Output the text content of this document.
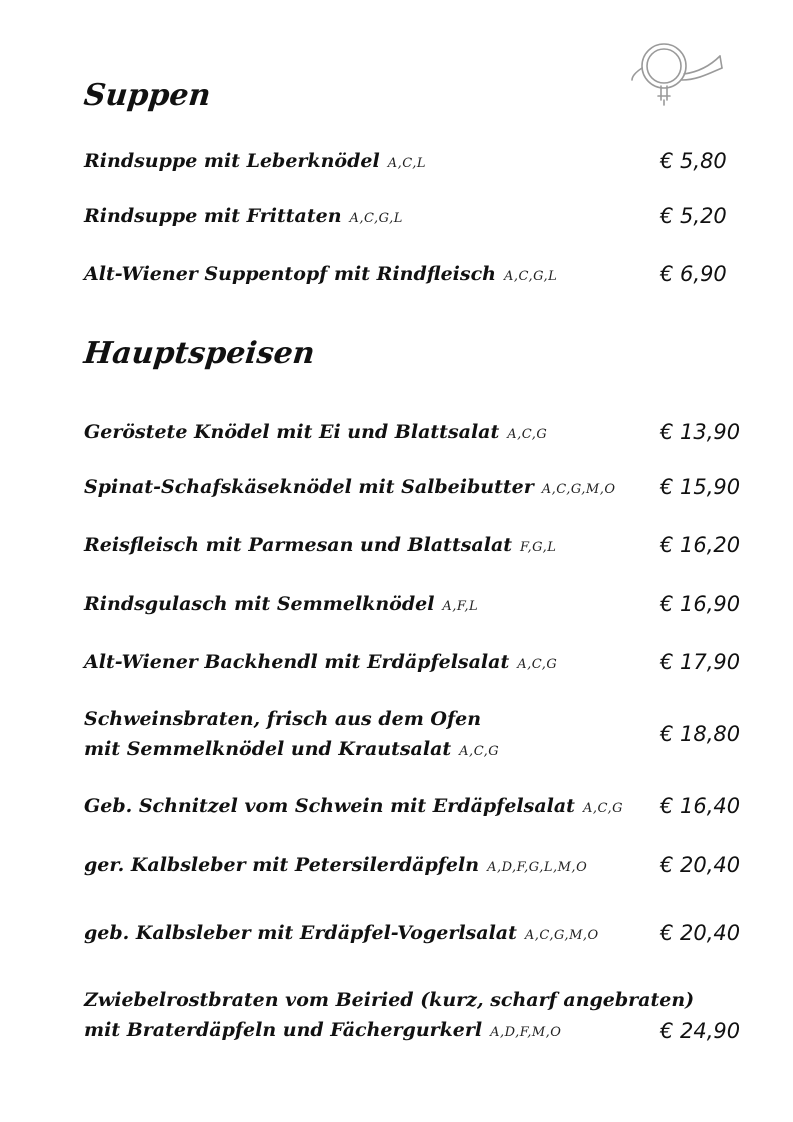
Suppen
Rindsuppe mit Leberknödel A,C,L	€ 5,80
Rindsuppe mit Frittaten A,C,G,L	€ 5,20
Alt-Wiener Suppentopf mit Rindfleisch A,C,G,L	€ 6,90
Hauptspeisen
Geröstete Knödel mit Ei und Blattsalat A,C,G	€ 13,90
Spinat-Schafskäseknödel mit Salbeibutter A,C,G,M,O € 15,90
Reisfleisch mit Parmesan und Blattsalat F,G,L	€ 16,20
Rindsgulasch mit Semmelknödel A,F,L	€ 16,90
Alt-Wiener Backhendl mit Erdäpfelsalat A,C,G	€ 17,90
Schweinsbraten, frisch aus dem Ofen
mit Semmelknödel und Krautsalat A,C,G
€ 18,80
Geb. Schnitzel vom Schwein mit Erdäpfelsalat A,C,G € 16,40
ger. Kalbsleber mit Petersilerdäpfeln A,D,F,G,L,M,O	€ 20,40
geb. Kalbsleber mit Erdäpfel-Vogerlsalat A,C,G,M,O	€ 20,40
Zwiebelrostbraten vom Beiried (kurz, scharf angebraten)
mit Braterdäpfeln und Fächergurkerl A,D,F,M,O	€ 24,90
